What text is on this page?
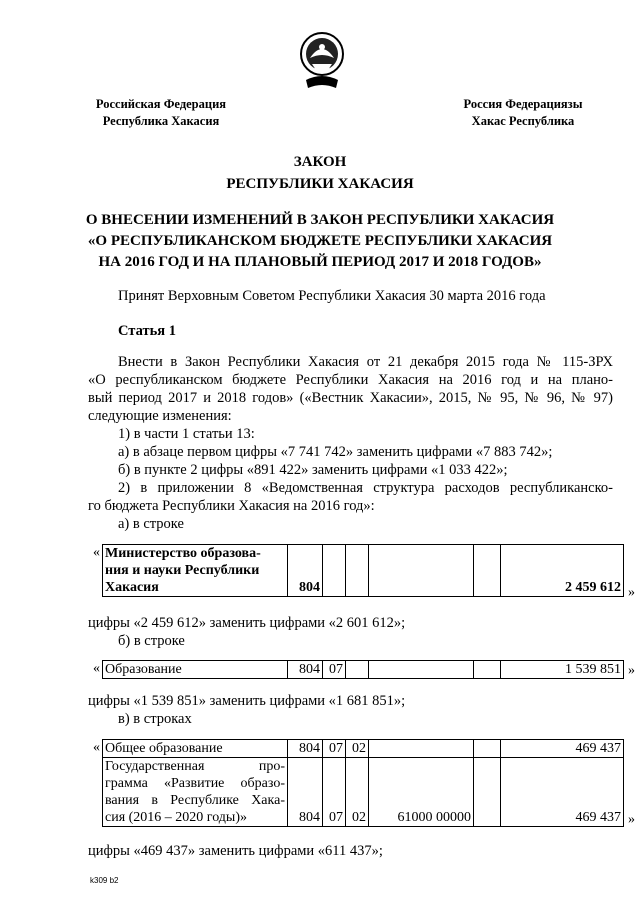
Российская Федерация
Республика Хакасия
Россия Федерациязы
Хакас Республика
ЗАКОН
РЕСПУБЛИКИ ХАКАСИЯ
О ВНЕСЕНИИ ИЗМЕНЕНИЙ В ЗАКОН РЕСПУБЛИКИ ХАКАСИЯ
«О РЕСПУБЛИКАНСКОМ БЮДЖЕТЕ РЕСПУБЛИКИ ХАКАСИЯ
НА 2016 ГОД И НА ПЛАНОВЫЙ ПЕРИОД 2017 И 2018 ГОДОВ»
Принят Верховным Советом Республики Хакасия 30 марта 2016 года
Статья 1
Внести в Закон Республики Хакасия от 21 декабря 2015 года № 115-ЗРХ
«О республиканском бюджете Республики Хакасия на 2016 год и на плано-
вый период 2017 и 2018 годов» («Вестник Хакасии», 2015, № 95, № 96, № 97)
следующие изменения:
1) в части 1 статьи 13:
а) в абзаце первом цифры «7 741 742» заменить цифрами «7 883 742»;
б) в пункте 2 цифры «891 422» заменить цифрами «1 033 422»;
2) в приложении 8 «Ведомственная структура расходов республиканско-
го бюджета Республики Хакасия на 2016 год»:
а) в строке
« Министерство образова-
ния и науки Республики
Хакасия	804					2 459 612 »
цифры «2 459 612» заменить цифрами «2 601 612»;
б) в строке
« Образование	804	07				1 539 851 »
цифры «1 539 851» заменить цифрами «1 681 851»;
в) в строках
« Общее образование	804	07	02			469 437

Государственная про-
грамма «Развитие образо-
вания в Республике Хака-
сия (2016 – 2020 годы)»	804	07	02	61000 00000		469 437 »
цифры «469 437» заменить цифрами «611 437»;
k309 b2
